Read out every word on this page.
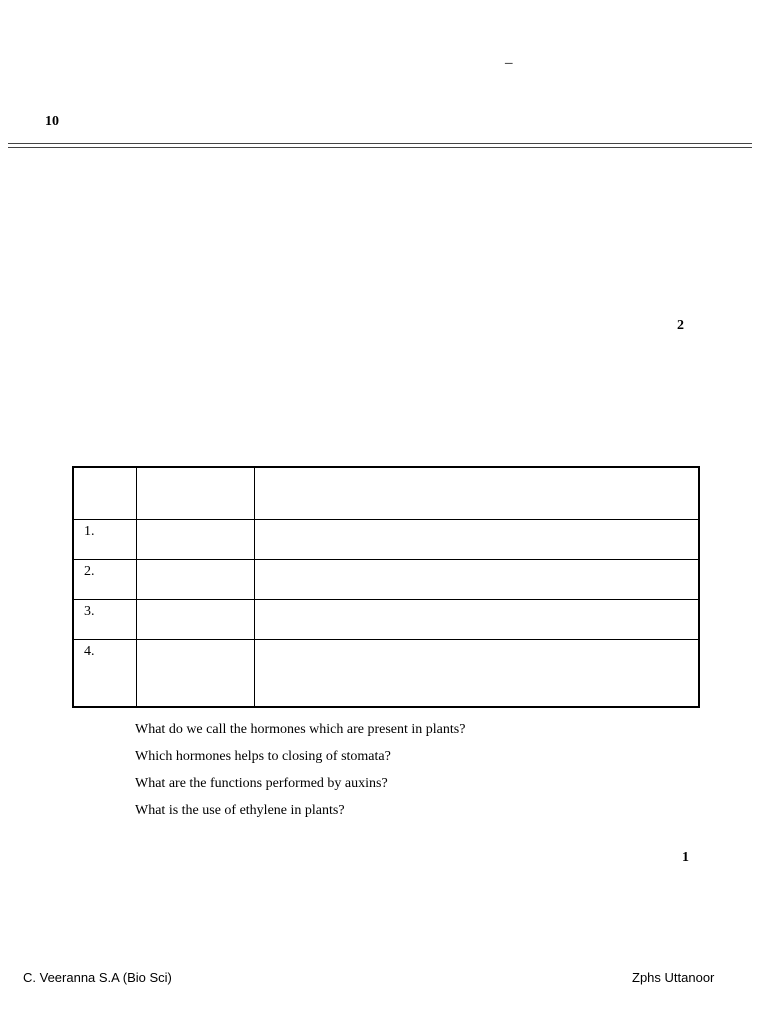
_
10
2

1.		
2.		
3.		
4.		
What do we call the hormones which are present in plants?
Which hormones helps to closing of stomata?
What are the functions performed by auxins?
What is the use of ethylene in plants?
1
C. Veeranna S.A (Bio Sci)	Zphs Uttanoor
